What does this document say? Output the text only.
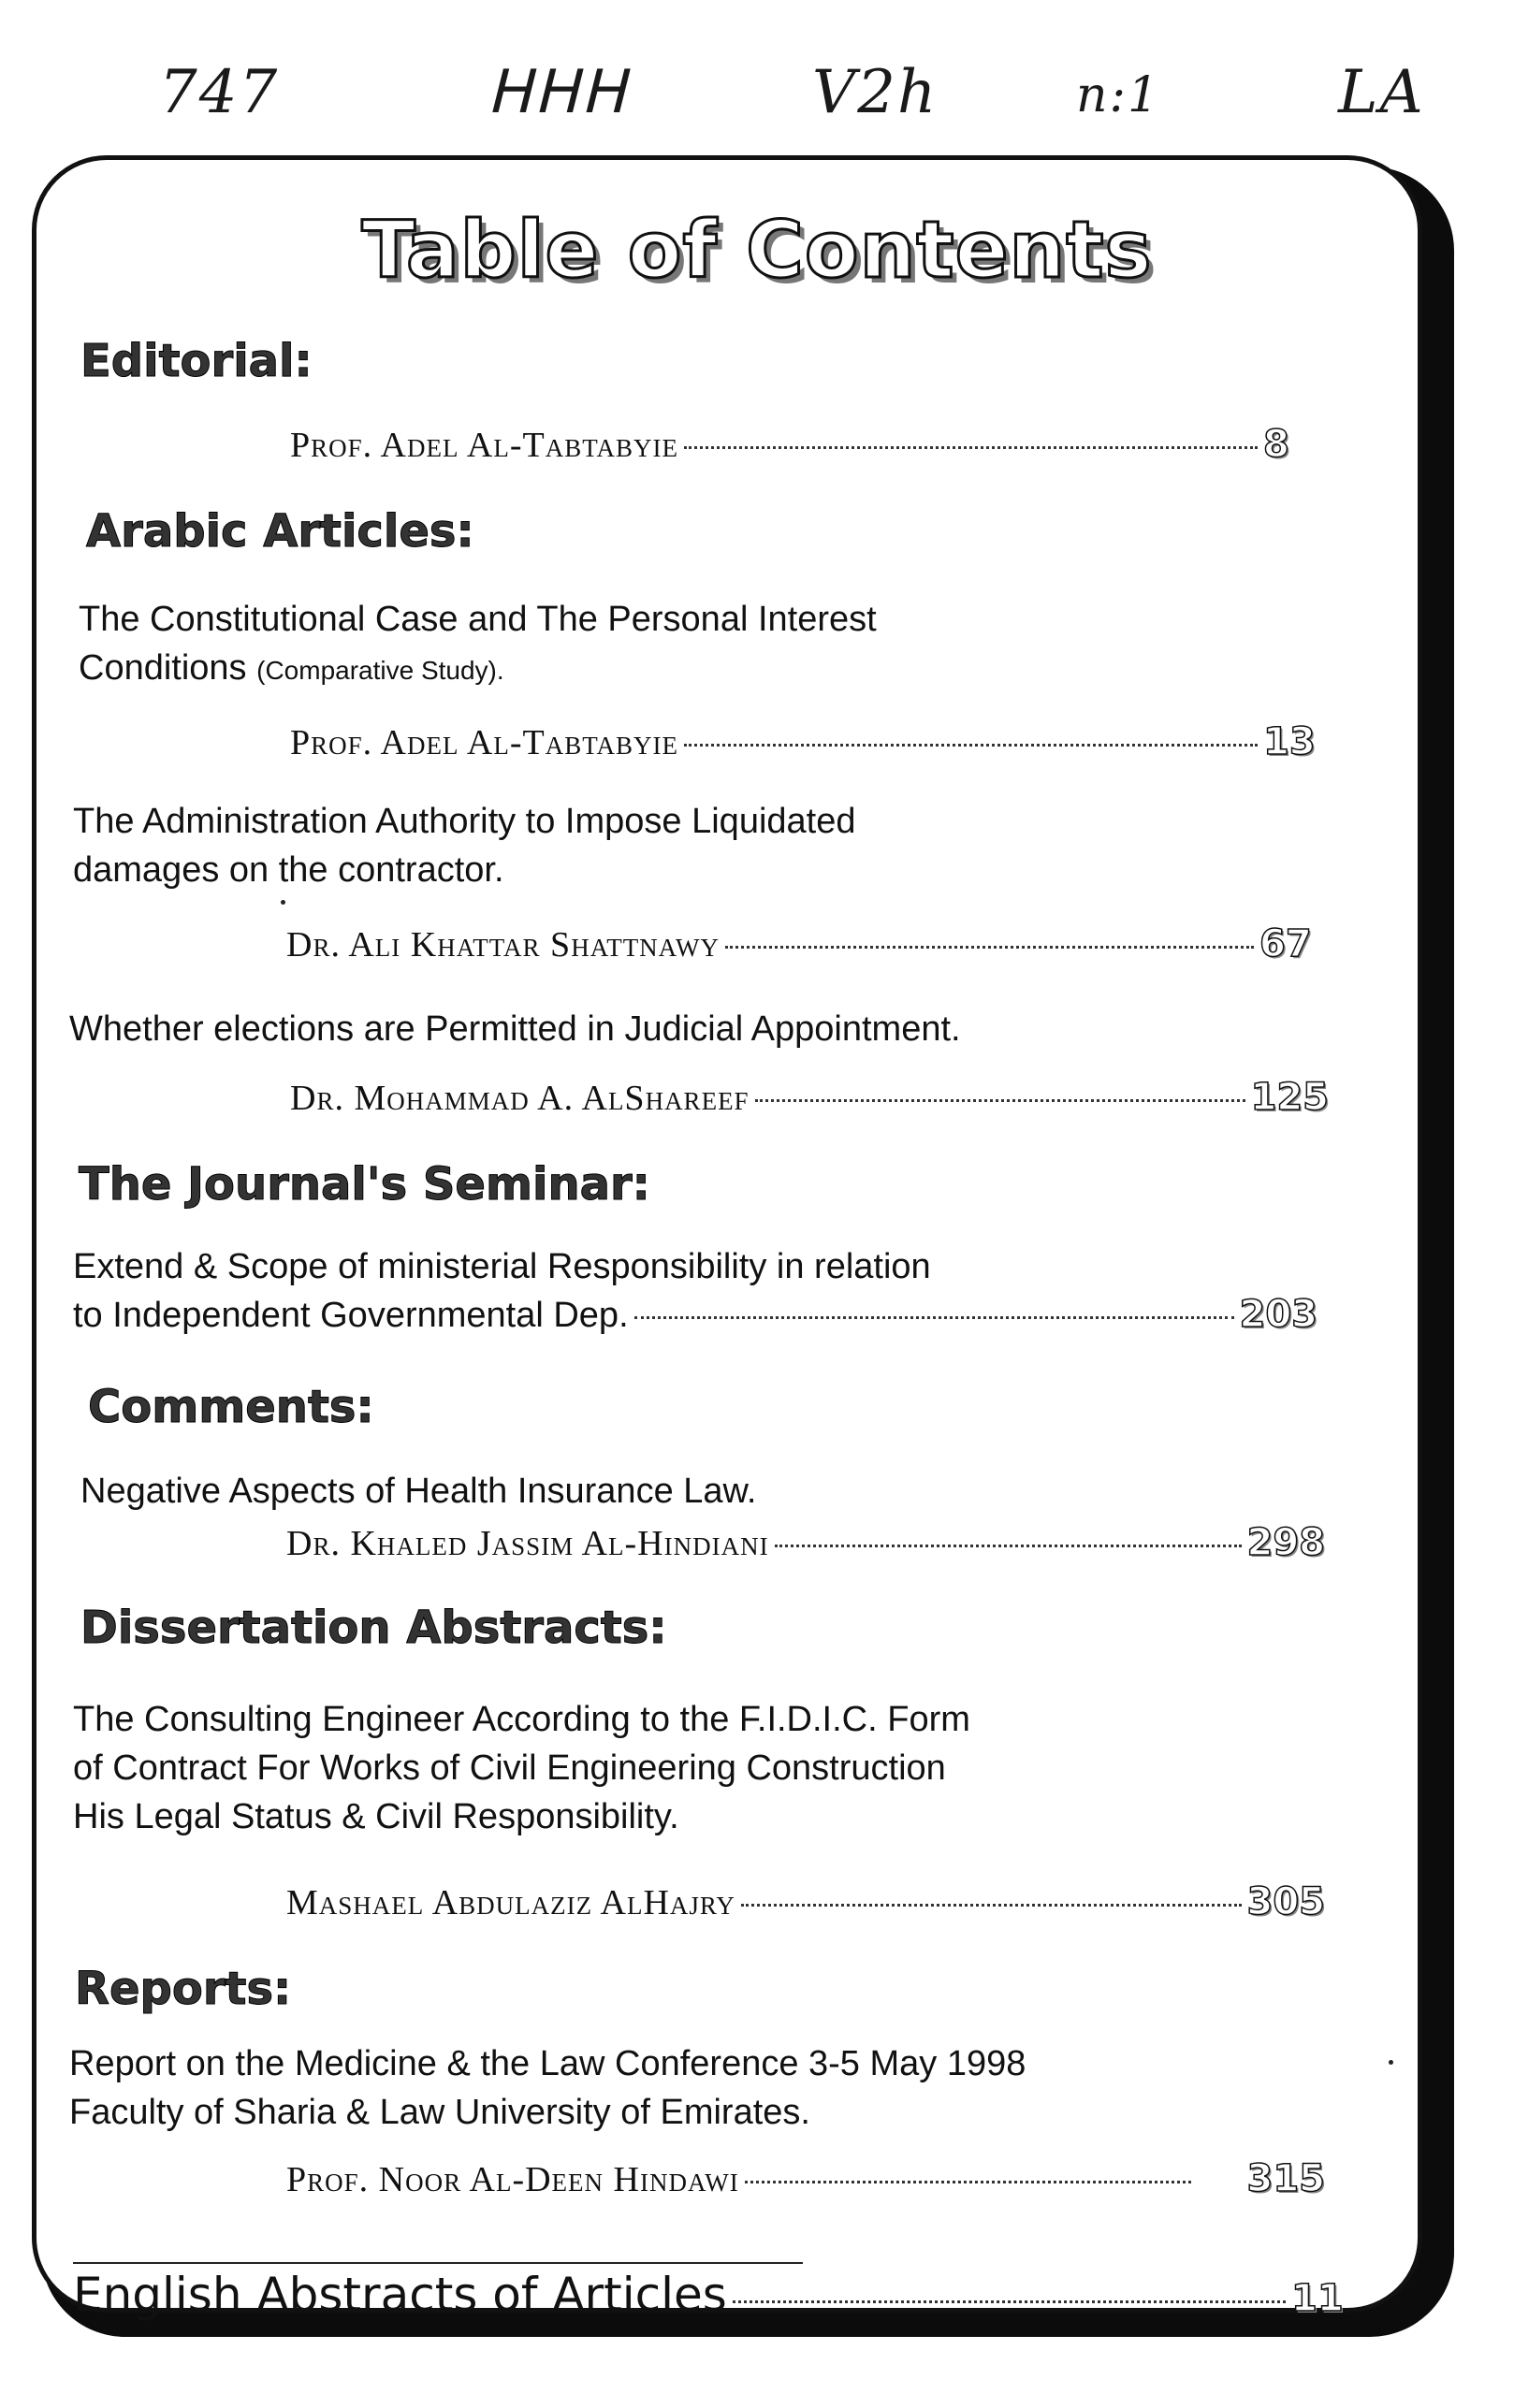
747	ᕼᕼᕼ	V2h	n:1	LA
Table of Contents
Editorial:
Prof. Adel Al-Tabtabyie	8
Arabic Articles:

The Constitutional Case and The Personal Interest
Conditions (Comparative Study).

Prof. Adel Al-Tabtabyie	13

The Administration Authority to Impose Liquidated
damages on the contractor.

Dr. Ali Khattar Shattnawy	67

Whether elections are Permitted in Judicial Appointment.

Dr. Mohammad A. AlShareef	125
The Journal's Seminar:

Extend & Scope of ministerial Responsibility in relation

to Independent Governmental Dep.	203
Comments:

Negative Aspects of Health Insurance Law.

Dr. Khaled Jassim Al-Hindiani	298
Dissertation Abstracts:

The Consulting Engineer According to the F.I.D.I.C. Form
of Contract For Works of Civil Engineering Construction
His Legal Status & Civil Responsibility.

Mashael Abdulaziz AlHajry	305
Reports:

Report on the Medicine & the Law Conference 3-5 May 1998
Faculty of Sharia & Law University of Emirates.

Prof. Noor Al-Deen Hindawi	315
English Abstracts of Articles	11
